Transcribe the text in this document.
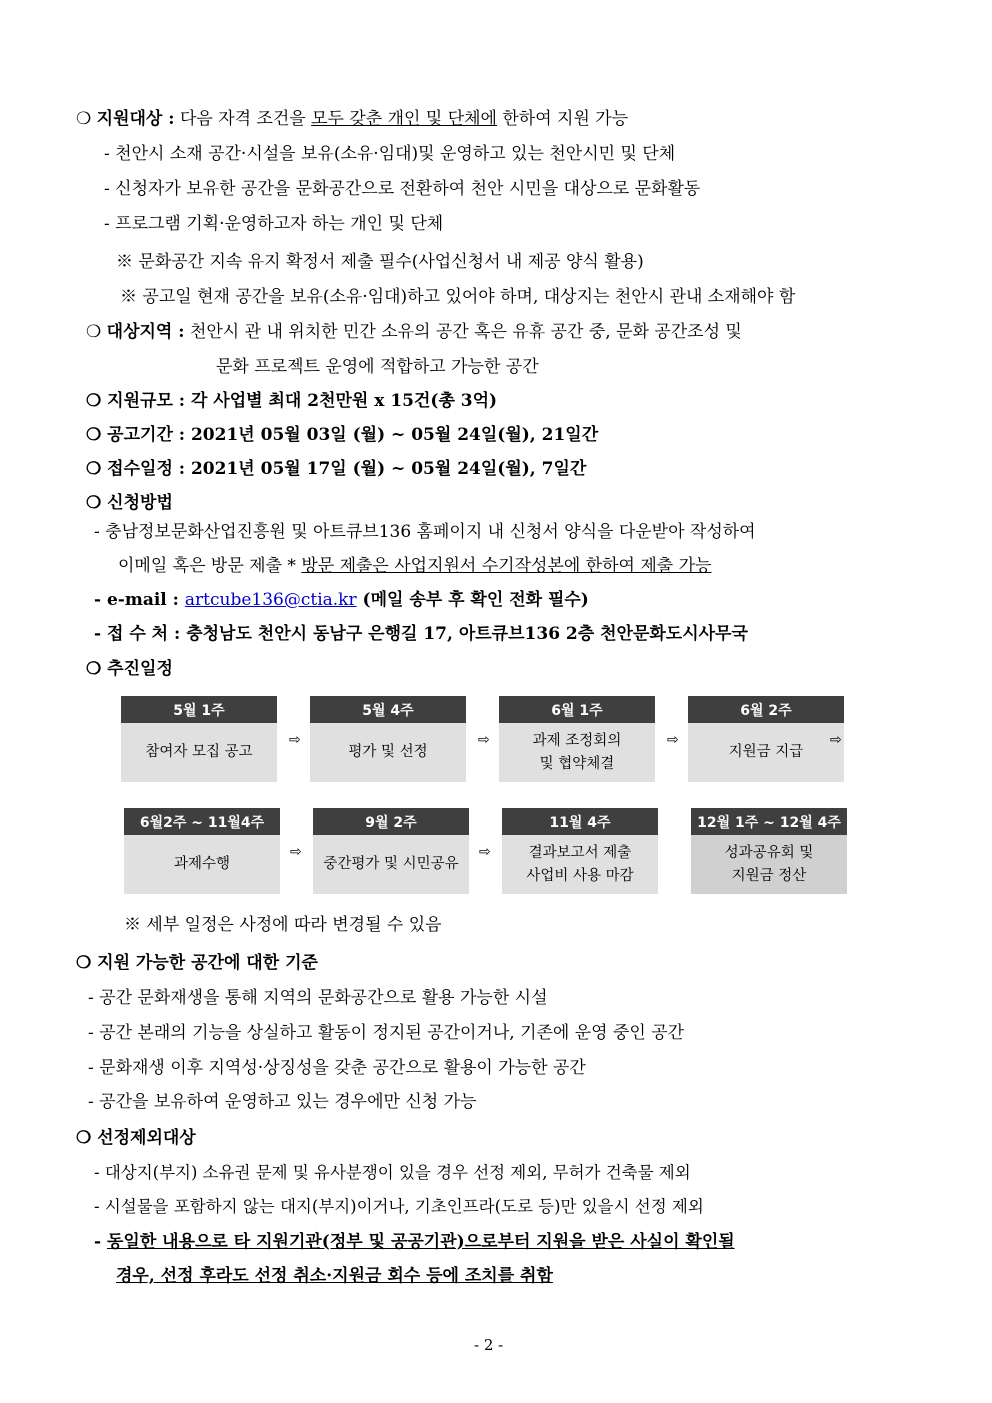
❍ 지원대상 : 다음 자격 조건을 모두 갖춘 개인 및 단체에 한하여 지원 가능
- 천안시 소재 공간·시설을 보유(소유·임대)및 운영하고 있는 천안시민 및 단체
- 신청자가 보유한 공간을 문화공간으로 전환하여 천안 시민을 대상으로 문화활동
- 프로그램 기획·운영하고자 하는 개인 및 단체
※ 문화공간 지속 유지 확정서 제출 필수(사업신청서 내 제공 양식 활용)
※ 공고일 현재 공간을 보유(소유·임대)하고 있어야 하며, 대상지는 천안시 관내 소재해야 함
❍ 대상지역 : 천안시 관 내 위치한 민간 소유의 공간 혹은 유휴 공간 중, 문화 공간조성 및
문화 프로젝트 운영에 적합하고 가능한 공간
❍ 지원규모 : 각 사업별 최대 2천만원 x 15건(총 3억)
❍ 공고기간 : 2021년 05월 03일 (월) ~ 05월 24일(월), 21일간
❍ 접수일정 : 2021년 05월 17일 (월) ~ 05월 24일(월), 7일간
❍ 신청방법
- 충남정보문화산업진흥원 및 아트큐브136 홈페이지 내 신청서 양식을 다운받아 작성하여
이메일 혹은 방문 제출 * 방문 제출은 사업지원서 수기작성본에 한하여 제출 가능
- e-mail : artcube136@ctia.kr (메일 송부 후 확인 전화 필수)
- 접 수 처 : 충청남도 천안시 동남구 은행길 17, 아트큐브136 2층 천안문화도시사무국
❍ 추진일정
5월 1주
참여자 모집 공고
⇨
5월 4주
평가 및 선정
⇨
6월 1주
과제 조정회의
및 협약체결
⇨
6월 2주
지원금 지급
⇨
6월2주 ~ 11월4주
과제수행
⇨
9월 2주
중간평가 및 시민공유
⇨
11월 4주
결과보고서 제출
사업비 사용 마감
12월 1주 ~ 12월 4주
성과공유회 및
지원금 정산
※ 세부 일정은 사정에 따라 변경될 수 있음
❍ 지원 가능한 공간에 대한 기준
- 공간 문화재생을 통해 지역의 문화공간으로 활용 가능한 시설
- 공간 본래의 기능을 상실하고 활동이 정지된 공간이거나, 기존에 운영 중인 공간
- 문화재생 이후 지역성·상징성을 갖춘 공간으로 활용이 가능한 공간
- 공간을 보유하여 운영하고 있는 경우에만 신청 가능
❍ 선정제외대상
- 대상지(부지) 소유권 문제 및 유사분쟁이 있을 경우 선정 제외, 무허가 건축물 제외
- 시설물을 포함하지 않는 대지(부지)이거나, 기초인프라(도로 등)만 있을시 선정 제외
- 동일한 내용으로 타 지원기관(정부 및 공공기관)으로부터 지원을 받은 사실이 확인될
경우, 선정 후라도 선정 취소·지원금 회수 등에 조치를 취함
- 2 -
